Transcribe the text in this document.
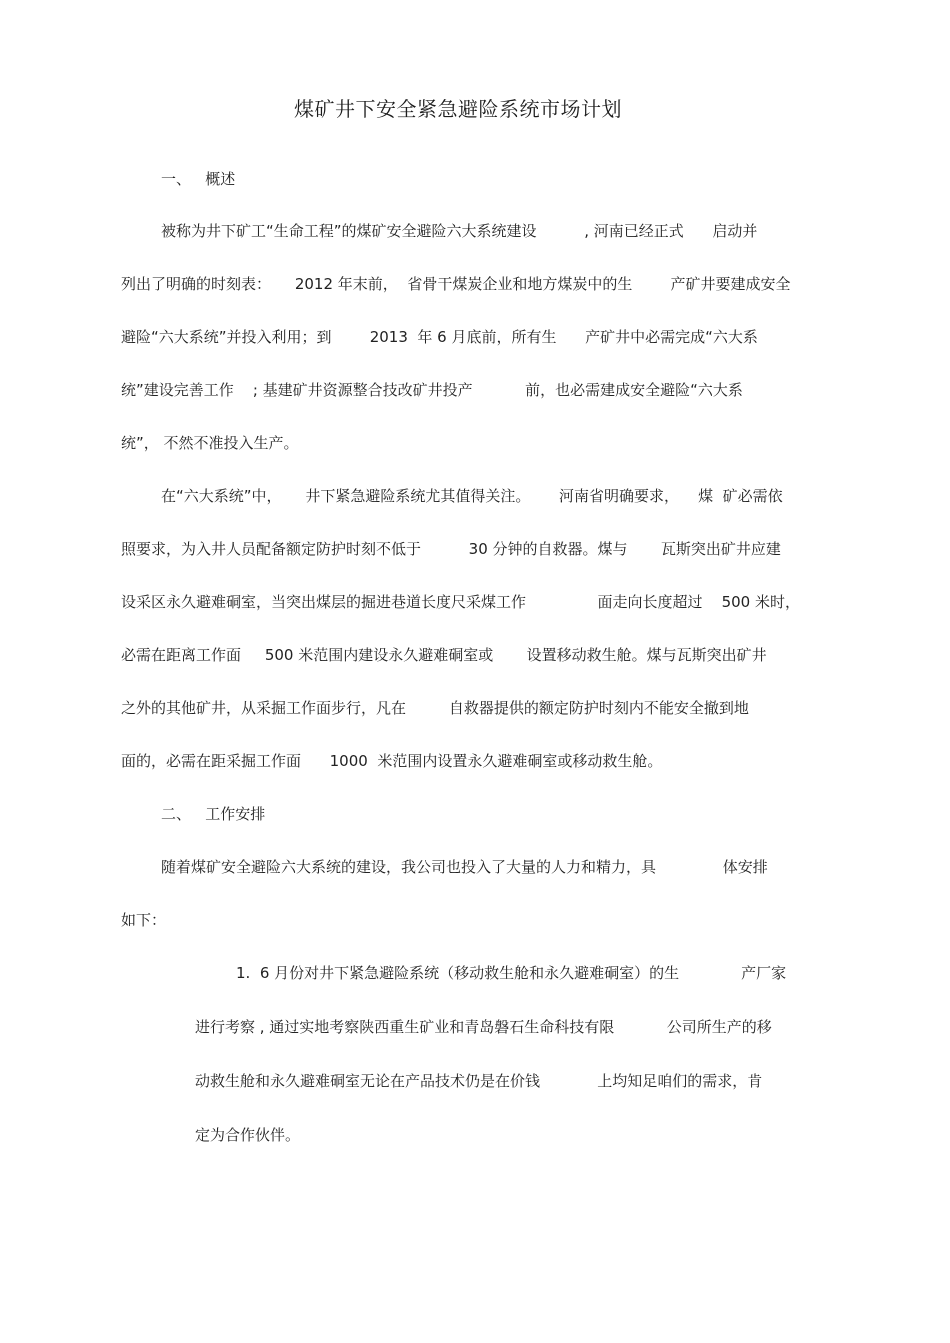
煤矿井下安全紧急避险系统市场计划
一、   概述
被称为井下矿工“生命工程”的煤矿安全避险六大系统建设          , 河南已经正式      启动并
列出了明确的时刻表：     2012 年末前，  省骨干煤炭企业和地方煤炭中的生        产矿井要建成安全
避险“六大系统”并投入利用；到        2013  年 6 月底前，所有生      产矿井中必需完成“六大系
统”建设完善工作    ; 基建矿井资源整合技改矿井投产           前，也必需建成安全避险“六大系
统”， 不然不准投入生产。
在“六大系统”中，     井下紧急避险系统尤其值得关注。      河南省明确要求，    煤  矿必需依
照要求，为入井人员配备额定防护时刻不低于          30 分钟的自救器。煤与       瓦斯突出矿井应建
设采区永久避难硐室，当突出煤层的掘进巷道长度尺采煤工作               面走向长度超过    500 米时，
必需在距离工作面     500 米范围内建设永久避难硐室或       设置移动救生舱。煤与瓦斯突出矿井
之外的其他矿井，从采掘工作面步行，凡在         自救器提供的额定防护时刻内不能安全撤到地
面的，必需在距采掘工作面      1000  米范围内设置永久避难硐室或移动救生舱。
二、   工作安排
随着煤矿安全避险六大系统的建设，我公司也投入了大量的人力和精力，具              体安排
如下：
1.  6 月份对井下紧急避险系统（移动救生舱和永久避难硐室）的生             产厂家
进行考察 , 通过实地考察陕西重生矿业和青岛磐石生命科技有限           公司所生产的移
动救生舱和永久避难硐室无论在产品技术仍是在价钱            上均知足咱们的需求，肯
定为合作伙伴。
